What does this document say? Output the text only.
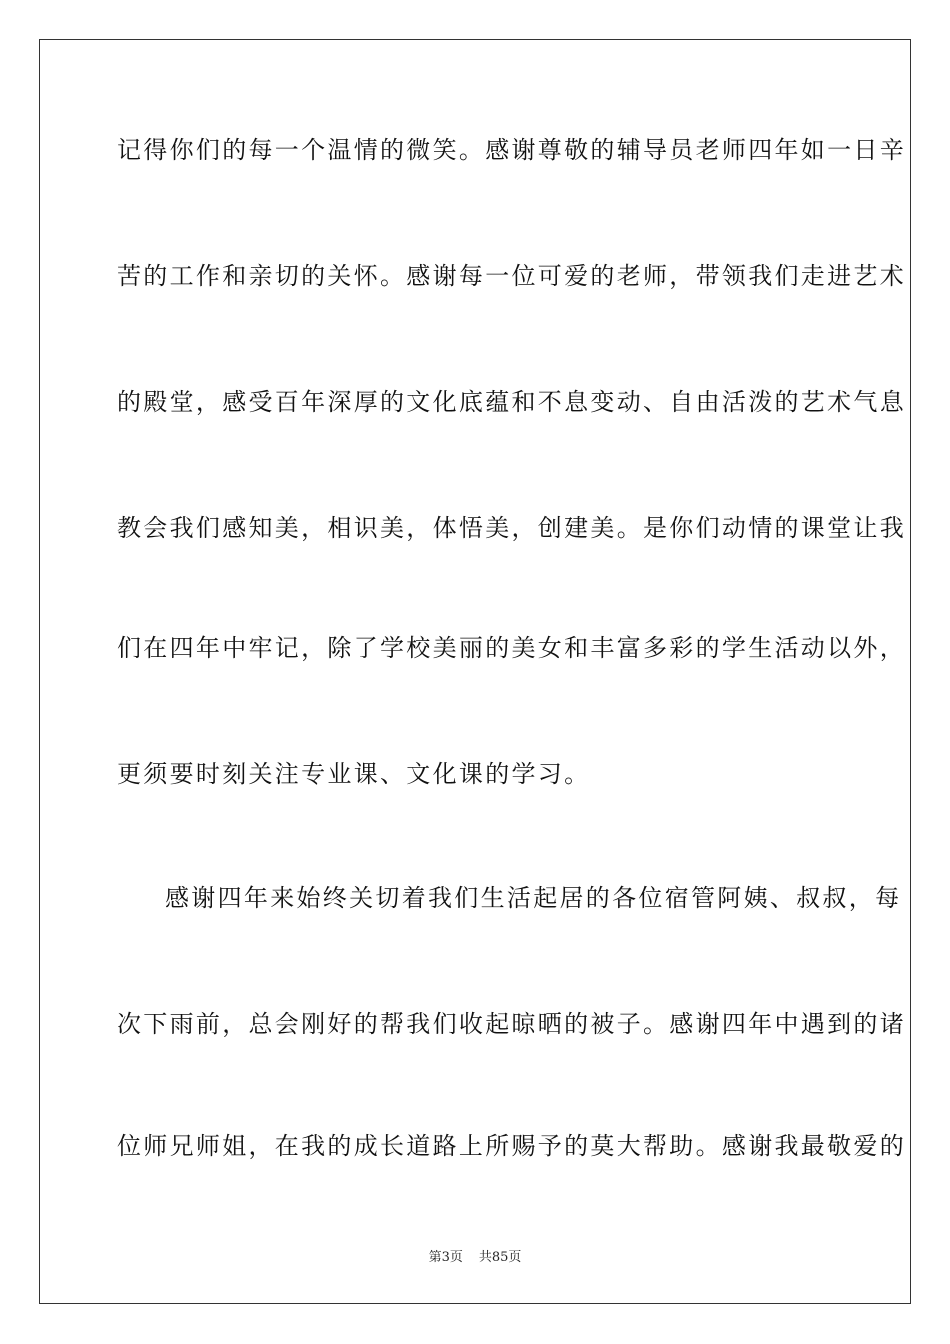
记得你们的每一个温情的微笑。感谢尊敬的辅导员老师四年如一日辛
苦的工作和亲切的关怀。感谢每一位可爱的老师，带领我们走进艺术
的殿堂，感受百年深厚的文化底蕴和不息变动、自由活泼的艺术气息
教会我们感知美，相识美，体悟美，创建美。是你们动情的课堂让我
们在四年中牢记，除了学校美丽的美女和丰富多彩的学生活动以外，
更须要时刻关注专业课、文化课的学习。
感谢四年来始终关切着我们生活起居的各位宿管阿姨、叔叔，每
次下雨前，总会刚好的帮我们收起晾晒的被子。感谢四年中遇到的诸
位师兄师姐，在我的成长道路上所赐予的莫大帮助。感谢我最敬爱的
第3页 共85页
